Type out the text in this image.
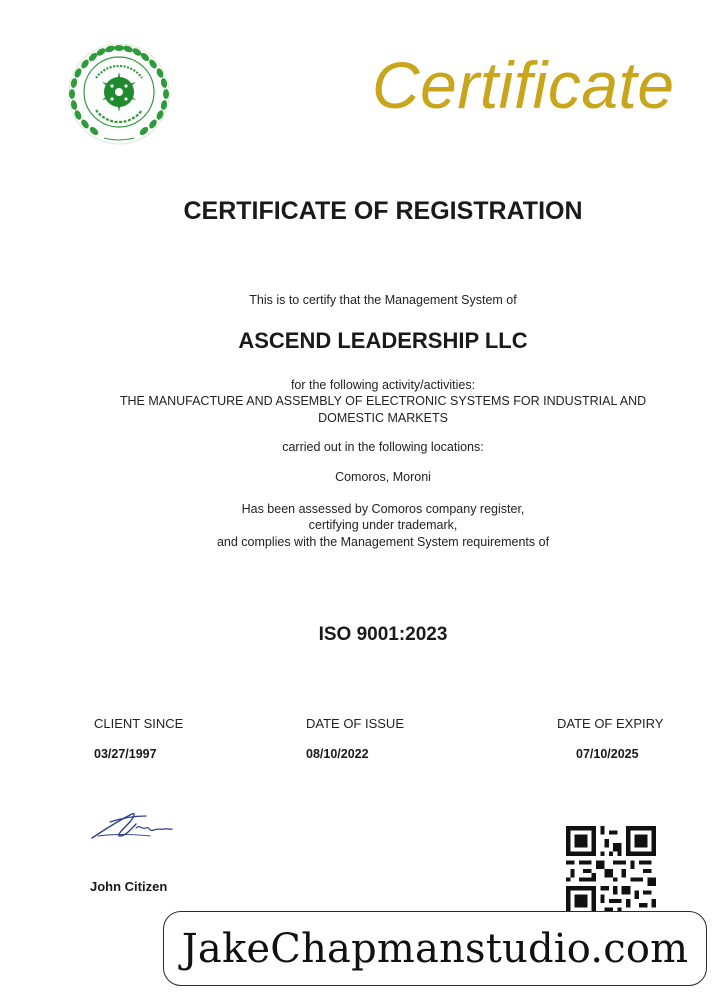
Certificate
CERTIFICATE OF REGISTRATION
This is to certify that the Management System of
ASCEND LEADERSHIP LLC
for the following activity/activities:
THE MANUFACTURE AND ASSEMBLY OF ELECTRONIC SYSTEMS FOR INDUSTRIAL AND
DOMESTIC MARKETS
carried out in the following locations:
Comoros, Moroni
Has been assessed by Comoros company register,
certifying under trademark,
and complies with the Management System requirements of
ISO 9001:2023
CLIENT SINCE	DATE OF ISSUE	DATE OF EXPIRY
03/27/1997	08/10/2022	07/10/2025
John Citizen
JakeChapmanstudio.com
